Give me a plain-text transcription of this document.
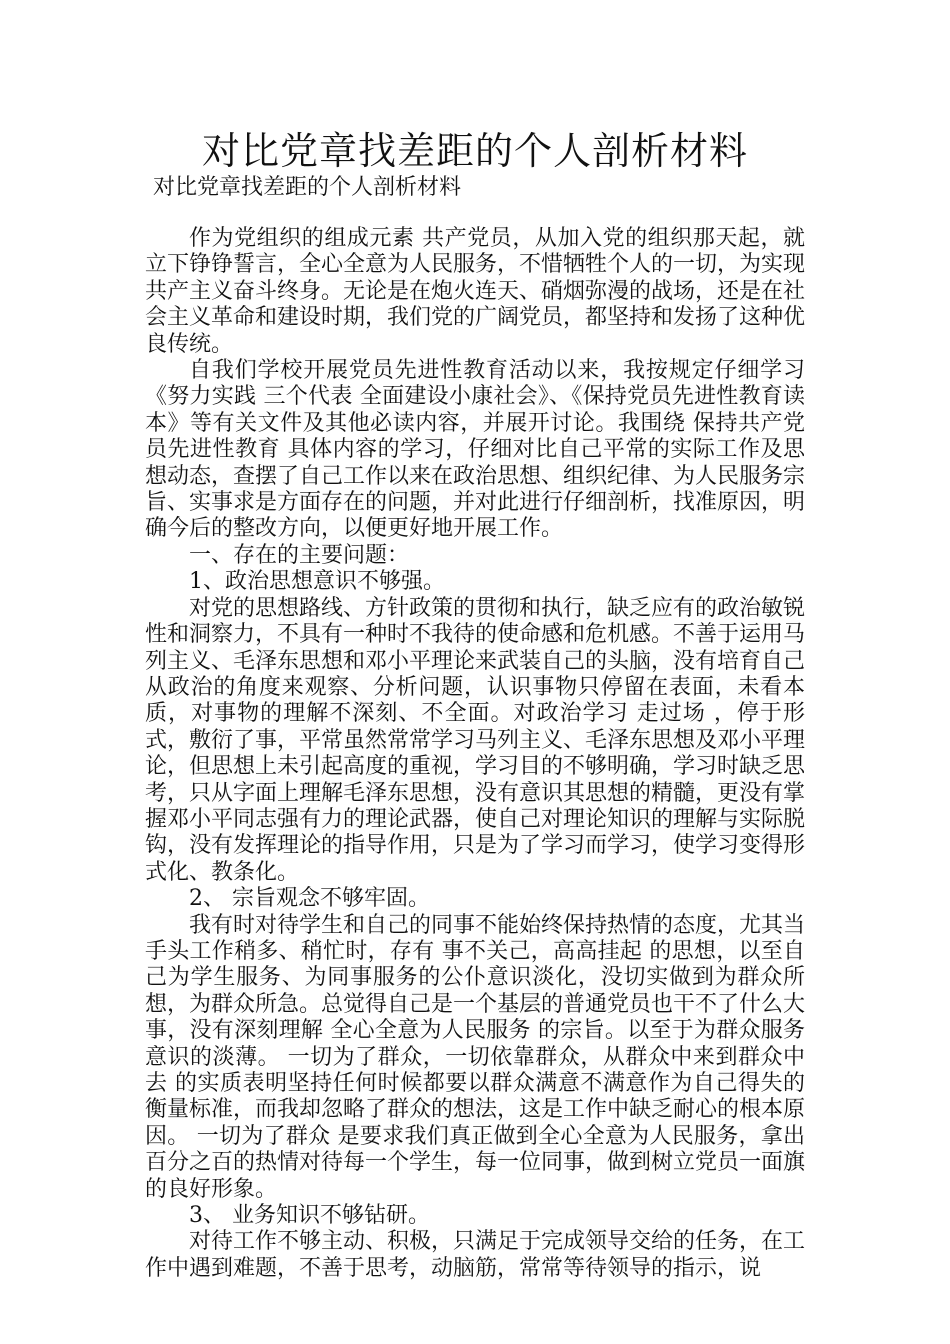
对比党章找差距的个人剖析材料

对比党章找差距的个人剖析材料

作为党组织的组成元素 共产党员，从加入党的组织那天起，就立下铮铮誓言，全心全意为人民服务，不惜牺牲个人的一切，为实现共产主义奋斗终身。无论是在炮火连天、硝烟弥漫的战场，还是在社会主义革命和建设时期，我们党的广阔党员，都坚持和发扬了这种优良传统。

自我们学校开展党员先进性教育活动以来，我按规定仔细学习《努力实践 三个代表 全面建设小康社会》、《保持党员先进性教育读本》等有关文件及其他必读内容，并展开讨论。我围绕 保持共产党员先进性教育 具体内容的学习，仔细对比自己平常的实际工作及思想动态，查摆了自己工作以来在政治思想、组织纪律、为人民服务宗旨、实事求是方面存在的问题，并对此进行仔细剖析，找准原因，明确今后的整改方向，以便更好地开展工作。

一、存在的主要问题：

1、政治思想意识不够强。

对党的思想路线、方针政策的贯彻和执行，缺乏应有的政治敏锐性和洞察力，不具有一种时不我待的使命感和危机感。不善于运用马列主义、毛泽东思想和邓小平理论来武装自己的头脑，没有培育自己从政治的角度来观察、分析问题，认识事物只停留在表面，未看本质，对事物的理解不深刻、不全面。对政治学习 走过场 ，停于形式，敷衍了事，平常虽然常常学习马列主义、毛泽东思想及邓小平理论，但思想上未引起高度的重视，学习目的不够明确，学习时缺乏思考，只从字面上理解毛泽东思想，没有意识其思想的精髓，更没有掌握邓小平同志强有力的理论武器，使自己对理论知识的理解与实际脱钩，没有发挥理论的指导作用，只是为了学习而学习，使学习变得形式化、教条化。

2、 宗旨观念不够牢固。

我有时对待学生和自己的同事不能始终保持热情的态度，尤其当手头工作稍多、稍忙时，存有 事不关己，高高挂起 的思想，以至自己为学生服务、为同事服务的公仆意识淡化，没切实做到为群众所想，为群众所急。总觉得自己是一个基层的普通党员也干不了什么大事，没有深刻理解 全心全意为人民服务 的宗旨。以至于为群众服务意识的淡薄。 一切为了群众，一切依靠群众，从群众中来到群众中去 的实质表明坚持任何时候都要以群众满意不满意作为自己得失的衡量标准，而我却忽略了群众的想法，这是工作中缺乏耐心的根本原因。 一切为了群众 是要求我们真正做到全心全意为人民服务，拿出百分之百的热情对待每一个学生，每一位同事，做到树立党员一面旗的良好形象。

3、 业务知识不够钻研。

对待工作不够主动、积极，只满足于完成领导交给的任务，在工作中遇到难题，不善于思考，动脑筋，常常等待领导的指示，说
